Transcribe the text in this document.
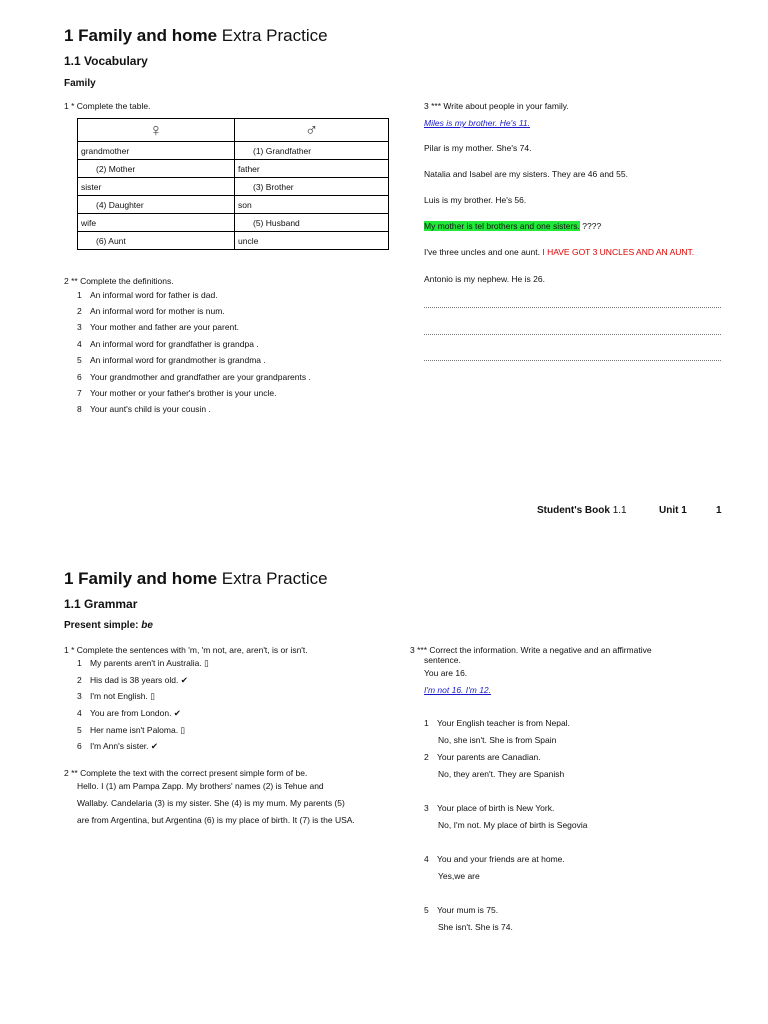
1 Family and home Extra Practice
1.1 Vocabulary
Family
1 * Complete the table.
♀	♂
grandmother	(1) Grandfather
(2) Mother	father
sister	(3) Brother
(4) Daughter	son
wife	(5) Husband
(6) Aunt	uncle
2 ** Complete the definitions.
1 An informal word for father is dad.
2 An informal word for mother is num.
3 Your mother and father are your parent.
4 An informal word for grandfather is grandpa .
5 An informal word for grandmother is grandma .
6 Your grandmother and grandfather are your grandparents .
7 Your mother or your father's brother is your uncle.
8 Your aunt's child is your cousin .
3 *** Write about people in your family.
Miles is my brother. He's 11.
Pilar is my mother. She's 74.
Natalia and Isabel are my sisters. They are 46 and 55.
Luis is my brother. He's 56.
My mother is tel brothers and one sisters. ????
I've three uncles and one aunt. I HAVE GOT 3 UNCLES AND AN AUNT.
Antonio is my nephew. He is 26.
Student's Book 1.1	Unit 1	1
1 Family and home Extra Practice
1.1 Grammar
Present simple: be
1 * Complete the sentences with 'm, 'm not, are, aren't, is or isn't.
1 My parents aren't in Australia. ▯
2 His dad is 38 years old. ✔
3 I'm not English. ▯
4 You are from London. ✔
5 Her name isn't Paloma. ▯
6 I'm Ann's sister. ✔
2 ** Complete the text with the correct present simple form of be.
Hello. I (1) am Pampa Zapp. My brothers' names (2) is Tehue and
Wallaby. Candelaria (3) is my sister. She (4) is my mum. My parents (5)
are from Argentina, but Argentina (6) is my place of birth. It (7) is the USA.
3 *** Correct the information. Write a negative and an affirmative
sentence.
You are 16.
I'm not 16. I'm 12.
1 Your English teacher is from Nepal.
No, she isn't. She is from Spain
2 Your parents are Canadian.
No, they aren't. They are Spanish
3 Your place of birth is New York.
No, I'm not. My place of birth is Segovia
4 You and your friends are at home.
Yes,we are
5 Your mum is 75.
She isn't. She is 74.
